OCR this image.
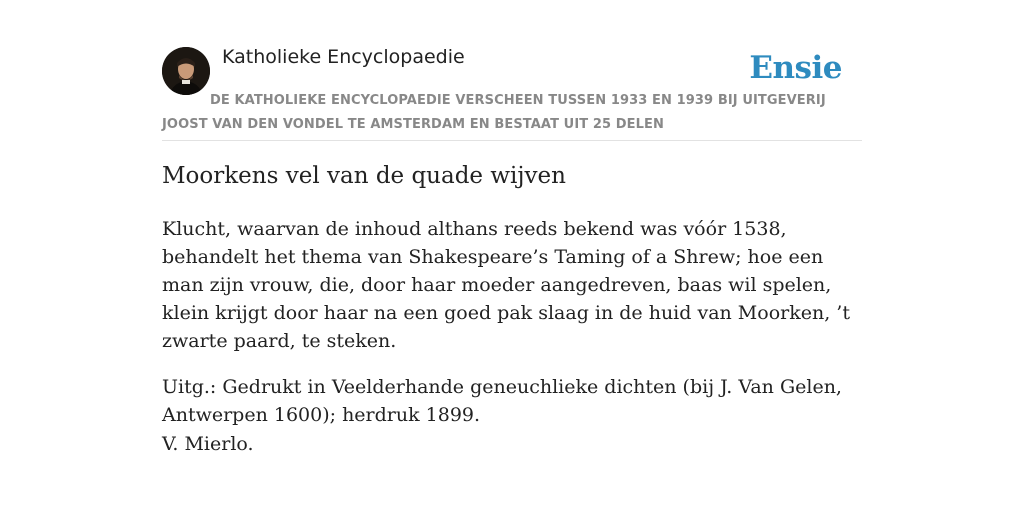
Katholieke Encyclopaedie	Ensie
DE KATHOLIEKE ENCYCLOPAEDIE VERSCHEEN TUSSEN 1933 EN 1939 BIJ UITGEVERIJ JOOST VAN DEN VONDEL TE AMSTERDAM EN BESTAAT UIT 25 DELEN
Moorkens vel van de quade wijven

Klucht, waarvan de inhoud althans reeds bekend was vóór 1538, behandelt het thema van Shakespeare’s Taming of a Shrew; hoe een man zijn vrouw, die, door haar moeder aangedreven, baas wil spelen, klein krijgt door haar na een goed pak slaag in de huid van Moorken, ’t zwarte paard, te steken.

Uitg.: Gedrukt in Veelderhande geneuchlieke dichten (bij J. Van Gelen, Antwerpen 1600); herdruk 1899.

V. Mierlo.
